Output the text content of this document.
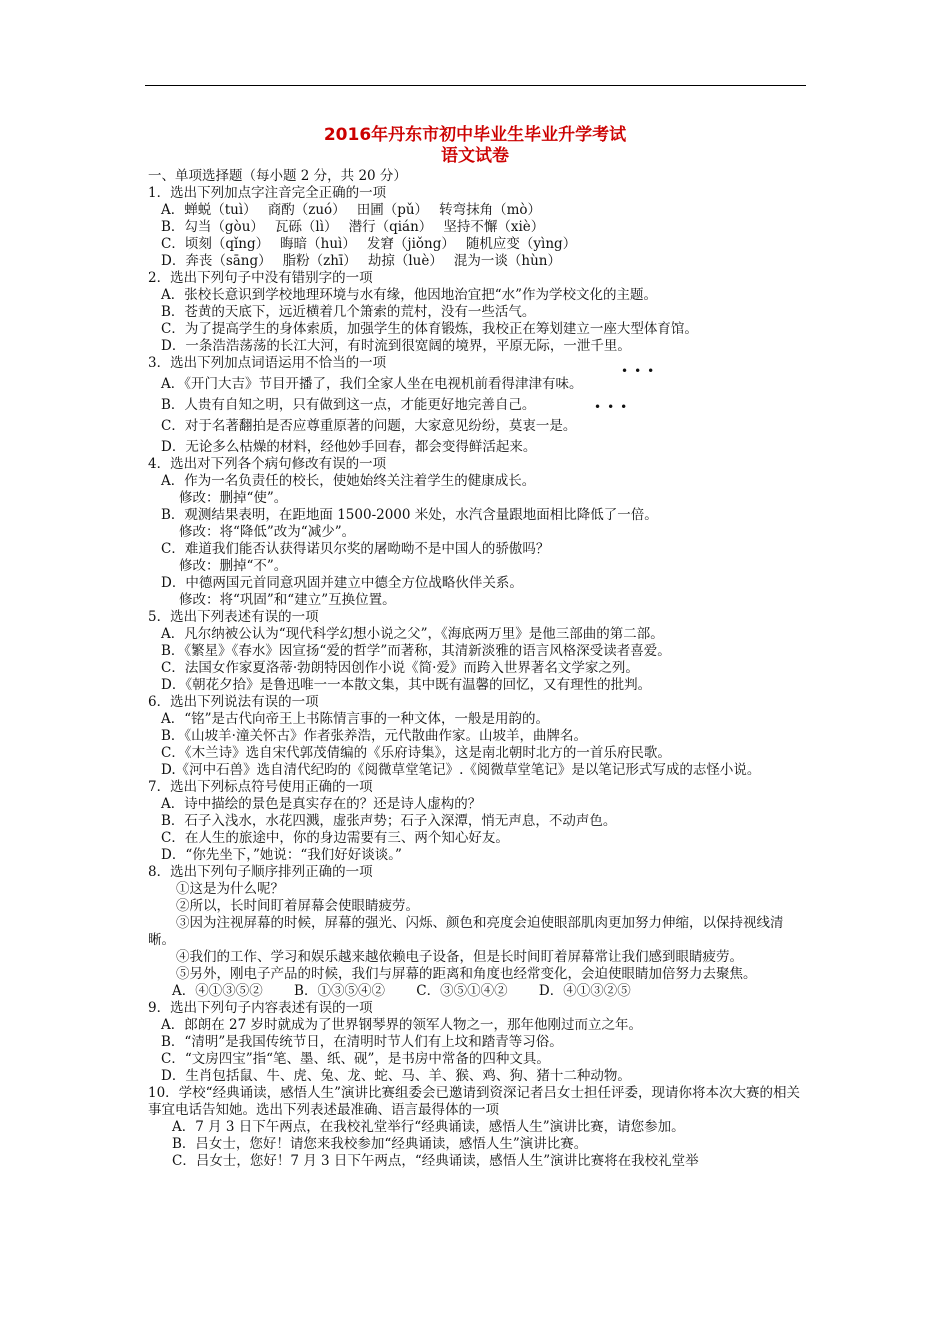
2016年丹东市初中毕业生毕业升学考试
语文试卷
•••
•••
一、单项选择题（每小题 2 分，共 20 分）
1．选出下列加点字注音完全正确的一项
A．蝉蜕（tuì）　 商酌（zuó）　 田圃（pǔ）　 转弯抹角（mò）
B．勾当（gòu）　 瓦砾（lì）　 潜行（qián）　 坚持不懈（xiè）
C．顷刻（qǐng）　 晦暗（huì）　 发窘（jiǒng）　 随机应变（yìng）
D．奔丧（sāng）　 脂粉（zhī）　 劫掠（luè）　 混为一谈（hùn）
2．选出下列句子中没有错别字的一项
A．张校长意识到学校地理环境与水有缘，他因地治宜把“水”作为学校文化的主题。
B．苍黄的天底下，远近横着几个箫索的荒村，没有一些活气。
C．为了提高学生的身体索质，加强学生的体育锻炼，我校正在筹划建立一座大型体育馆。
D．一条浩浩荡荡的长江大河，有时流到很宽阔的境界，平原无际，一泄千里。
3．选出下列加点词语运用不恰当的一项
A．《开门大吉》节目开播了，我们全家人坐在电视机前看得津津有味。
B．人贵有自知之明，只有做到这一点，才能更好地完善自己。
C．对于名著翻拍是否应尊重原著的问题，大家意见纷纷，莫衷一是。
D．无论多么枯燥的材料，经他妙手回春，都会变得鲜活起来。
4．选出对下列各个病句修改有误的一项
A．作为一名负责任的校长，使她始终关注着学生的健康成长。
修改：删掉“使”。
B．观测结果表明，在距地面 1500-2000 米处，水汽含量跟地面相比降低了一倍。
修改：将“降低”改为“减少”。
C．难道我们能否认获得诺贝尔奖的屠呦呦不是中国人的骄傲吗？
修改：删掉“不”。
D．中德两国元首同意巩固并建立中德全方位战略伙伴关系。
修改：将“巩固”和“建立”互换位置。
5．选出下列表述有误的一项
A．凡尔纳被公认为“现代科学幻想小说之父”，《海底两万里》是他三部曲的第二部。
B．《繁星》《春水》因宣扬“爱的哲学”而著称，其清新淡雅的语言风格深受读者喜爱。
C．法国女作家夏洛蒂·勃朗特因创作小说《简·爱》而跨入世界著名文学家之列。
D．《朝花夕拾》是鲁迅唯一一本散文集，其中既有温馨的回忆，又有理性的批判。
6．选出下列说法有误的一项
A．“铭”是古代向帝王上书陈情言事的一种文体，一般是用韵的。
B．《山坡羊·潼关怀古》作者张养浩，元代散曲作家。山坡羊，曲牌名。
C．《木兰诗》选自宋代郭茂倩编的《乐府诗集》，这是南北朝时北方的一首乐府民歌。
D.《河中石兽》选自清代纪昀的《阅微草堂笔记》.《阅微草堂笔记》是以笔记形式写成的志怪小说。
7．选出下列标点符号使用正确的一项
A．诗中描绘的景色是真实存在的？还是诗人虚构的？
B．石子入浅水，水花四溅，虚张声势；石子入深潭，悄无声息，不动声色。
C．在人生的旅途中，你的身边需要有三、两个知心好友。
D．“你先坐下，”她说：“我们好好谈谈。”
8．选出下列句子顺序排列正确的一项
①这是为什么呢？
②所以，长时间盯着屏幕会使眼睛疲劳。
③因为注视屏幕的时候，屏幕的强光、闪烁、颜色和亮度会迫使眼部肌肉更加努力伸缩，以保持视线清晰。
④我们的工作、学习和娱乐越来越依赖电子设备，但是长时间盯着屏幕常让我们感到眼睛疲劳。
⑤另外，刚电子产品的时候，我们与屏幕的距离和角度也经常变化，会迫使眼睛加倍努力去聚焦。
A．④①③⑤②　 　B．①③⑤④②　 　C．③⑤①④②　 　D．④①③②⑤
9．选出下列句子内容表述有误的一项
A．郎朗在 27 岁时就成为了世界钢琴界的领军人物之一，那年他刚过而立之年。
B．“清明”是我国传统节日，在清明时节人们有上坟和踏青等习俗。
C．“文房四宝”指“笔、墨、纸、砚”，是书房中常备的四种文具。
D．生肖包括鼠、牛、虎、兔、龙、蛇、马、羊、猴、鸡、狗、猪十二种动物。
10．学校“经典诵读，感悟人生”演讲比赛组委会已邀请到资深记者吕女士担任评委，现请你将本次大赛的相关事宜电话告知她。选出下列表述最准确、语言最得体的一项
A．7 月 3 日下午两点，在我校礼堂举行“经典诵读，感悟人生”演讲比赛，请您参加。
B．吕女士，您好！请您来我校参加“经典诵读，感悟人生”演讲比赛。
C．吕女士，您好！7 月 3 日下午两点，“经典诵读，感悟人生”演讲比赛将在我校礼堂举
